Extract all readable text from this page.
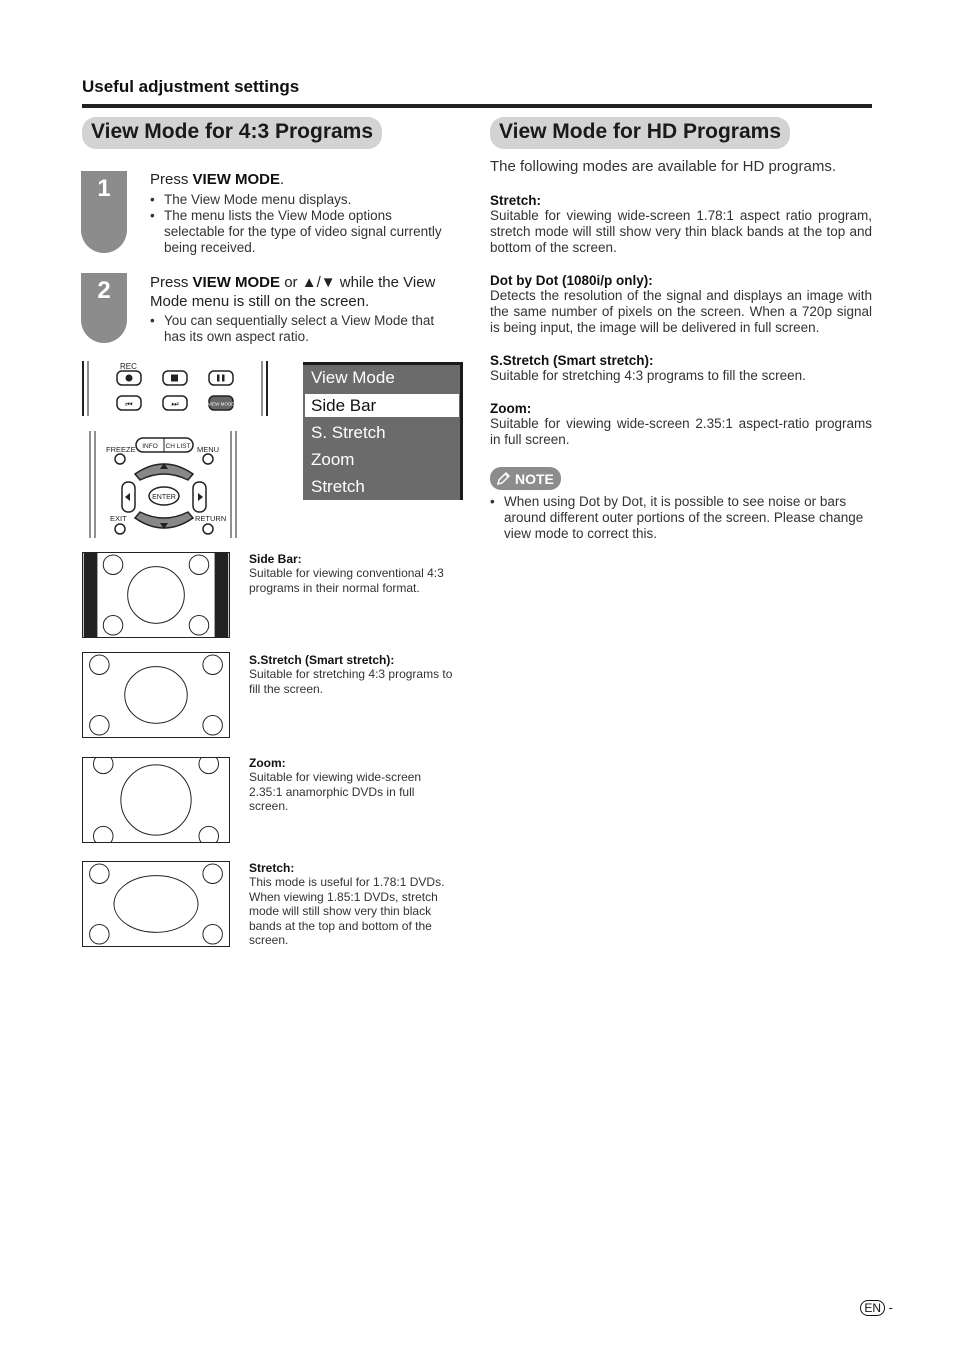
Useful adjustment settings
View Mode for 4:3 Programs
1	Press VIEW MODE.
• The View Mode menu displays.
• The menu lists the View Mode options selectable for the type of video signal currently being received.
2	Press VIEW MODE or ▲/▼ while the View Mode menu is still on the screen.
• You can sequentially select a View Mode that has its own aspect ratio.
REC
⏮	⏭	VIEW MODE
FREEZE	MENU
INFO CH LIST
ENTER
EXIT	RETURN
View Mode
Side Bar
S. Stretch
Zoom
Stretch
Side Bar:
Suitable for viewing conventional 4:3 programs in their normal format.
S.Stretch (Smart stretch):
Suitable for stretching 4:3 programs to fill the screen.
Zoom:
Suitable for viewing wide-screen 2.35:1 anamorphic DVDs in full screen.
Stretch:
This mode is useful for 1.78:1 DVDs. When viewing 1.85:1 DVDs, stretch mode will still show very thin black bands at the top and bottom of the screen.
View Mode for HD Programs
The following modes are available for HD programs.
Stretch:
Suitable for viewing wide-screen 1.78:1 aspect ratio program, stretch mode will still show very thin black bands at the top and bottom of the screen.
Dot by Dot (1080i/p only):
Detects the resolution of the signal and displays an image with the same number of pixels on the screen. When a 720p signal is being input, the image will be delivered in full screen.
S.Stretch (Smart stretch):
Suitable for stretching 4:3 programs to fill the screen.
Zoom:
Suitable for viewing wide-screen 2.35:1 aspect-ratio programs in full screen.
NOTE
• When using Dot by Dot, it is possible to see noise or bars around different outer portions of the screen. Please change view mode to correct this.
EN -
